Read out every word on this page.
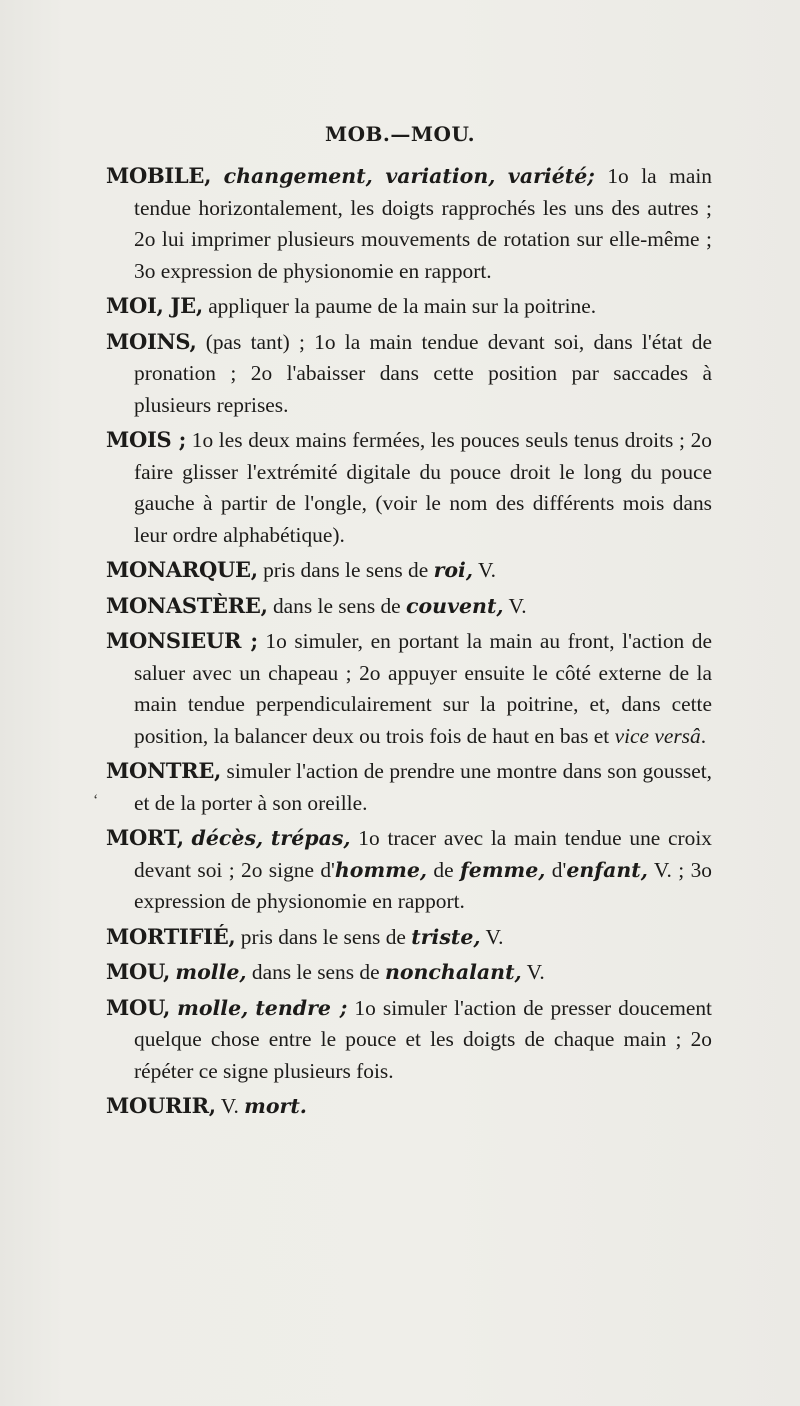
MOB.—MOU.
ʻ

MOBILE, changement, variation, variété; 1o la main tendue horizontalement, les doigts rapprochés les uns des autres ; 2o lui imprimer plusieurs mouvements de rotation sur elle-même ; 3o expression de physionomie en rapport.

MOI, JE, appliquer la paume de la main sur la poitrine.

MOINS, (pas tant) ; 1o la main tendue devant soi, dans l'état de pronation ; 2o l'abaisser dans cette position par saccades à plusieurs reprises.

MOIS ; 1o les deux mains fermées, les pouces seuls tenus droits ; 2o faire glisser l'extrémité digitale du pouce droit le long du pouce gauche à partir de l'ongle, (voir le nom des différents mois dans leur ordre alphabétique).

MONARQUE, pris dans le sens de roi, V.

MONASTÈRE, dans le sens de couvent, V.

MONSIEUR ; 1o simuler, en portant la main au front, l'action de saluer avec un chapeau ; 2o appuyer ensuite le côté externe de la main tendue perpendiculairement sur la poitrine, et, dans cette position, la balancer deux ou trois fois de haut en bas et vice versâ.

MONTRE, simuler l'action de prendre une montre dans son gousset, et de la porter à son oreille.

MORT, décès, trépas, 1o tracer avec la main tendue une croix devant soi ; 2o signe d'homme, de femme, d'enfant, V. ; 3o expression de physionomie en rapport.

MORTIFIÉ, pris dans le sens de triste, V.

MOU, molle, dans le sens de nonchalant, V.

MOU, molle, tendre ; 1o simuler l'action de presser doucement quelque chose entre le pouce et les doigts de chaque main ; 2o répéter ce signe plusieurs fois.

MOURIR, V. mort.
